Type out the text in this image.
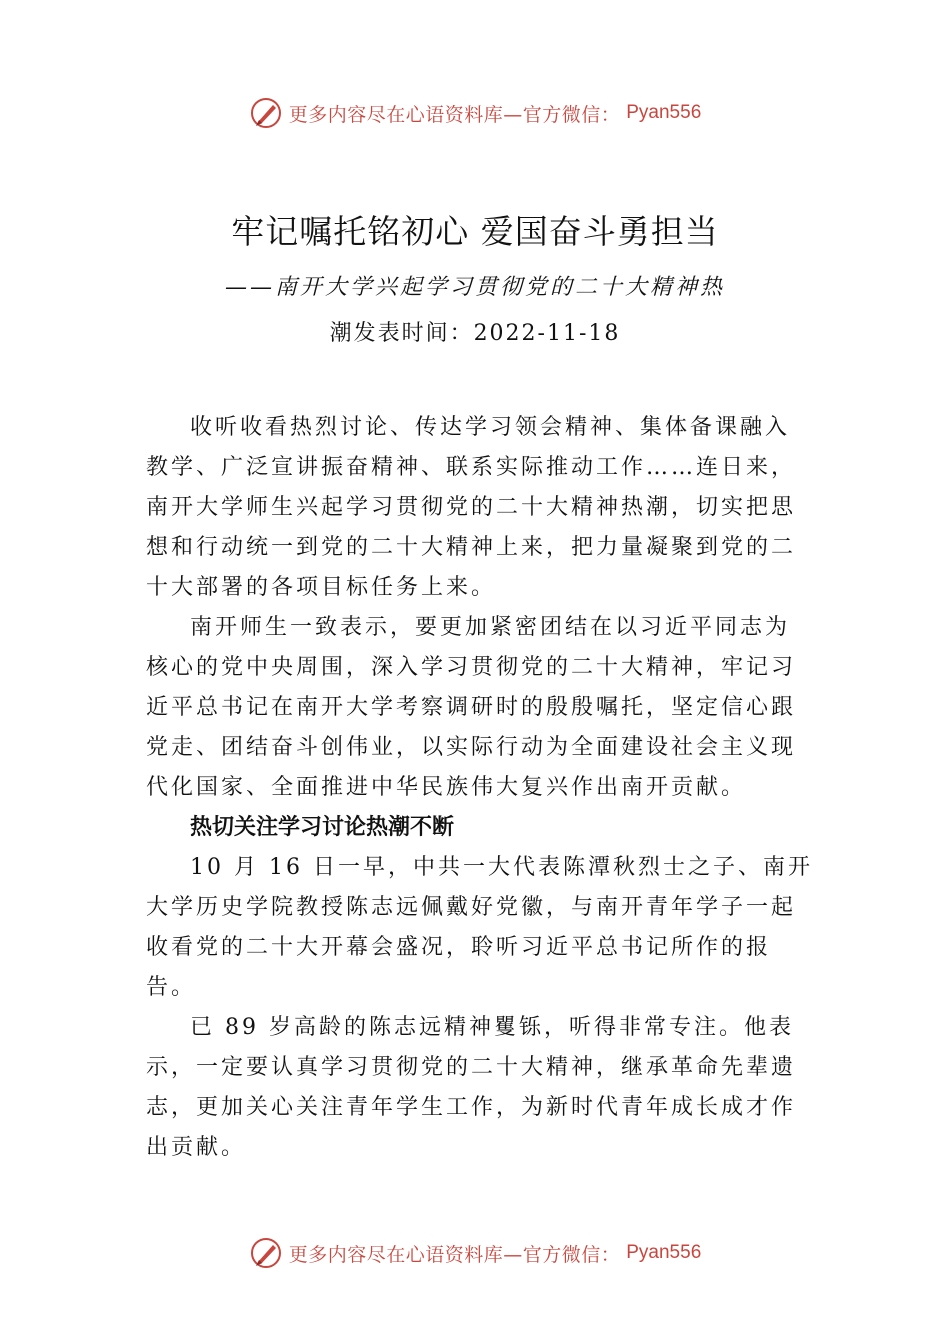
更多内容尽在心语资料库—官方微信： Pyan556
牢记嘱托铭初心 爱国奋斗勇担当
——南开大学兴起学习贯彻党的二十大精神热
潮发表时间：2022-11-18

收听收看热烈讨论、传达学习领会精神、集体备课融入教学、广泛宣讲振奋精神、联系实际推动工作……连日来， 南开大学师生兴起学习贯彻党的二十大精神热潮，切实把思想和行动统一到党的二十大精神上来，把力量凝聚到党的二十大部署的各项目标任务上来。

南开师生一致表示，要更加紧密团结在以习近平同志为核心的党中央周围，深入学习贯彻党的二十大精神，牢记习近平总书记在南开大学考察调研时的殷殷嘱托，坚定信心跟党走、团结奋斗创伟业，以实际行动为全面建设社会主义现代化国家、全面推进中华民族伟大复兴作出南开贡献。

热切关注学习讨论热潮不断

10 月 16 日一早，中共一大代表陈潭秋烈士之子、南开大学历史学院教授陈志远佩戴好党徽，与南开青年学子一起 收看党的二十大开幕会盛况，聆听习近平总书记所作的报告。

已 89 岁高龄的陈志远精神矍铄，听得非常专注。他表示，一定要认真学习贯彻党的二十大精神，继承革命先辈遗志，更加关心关注青年学生工作，为新时代青年成长成才作出贡献。

更多内容尽在心语资料库—官方微信： Pyan556
